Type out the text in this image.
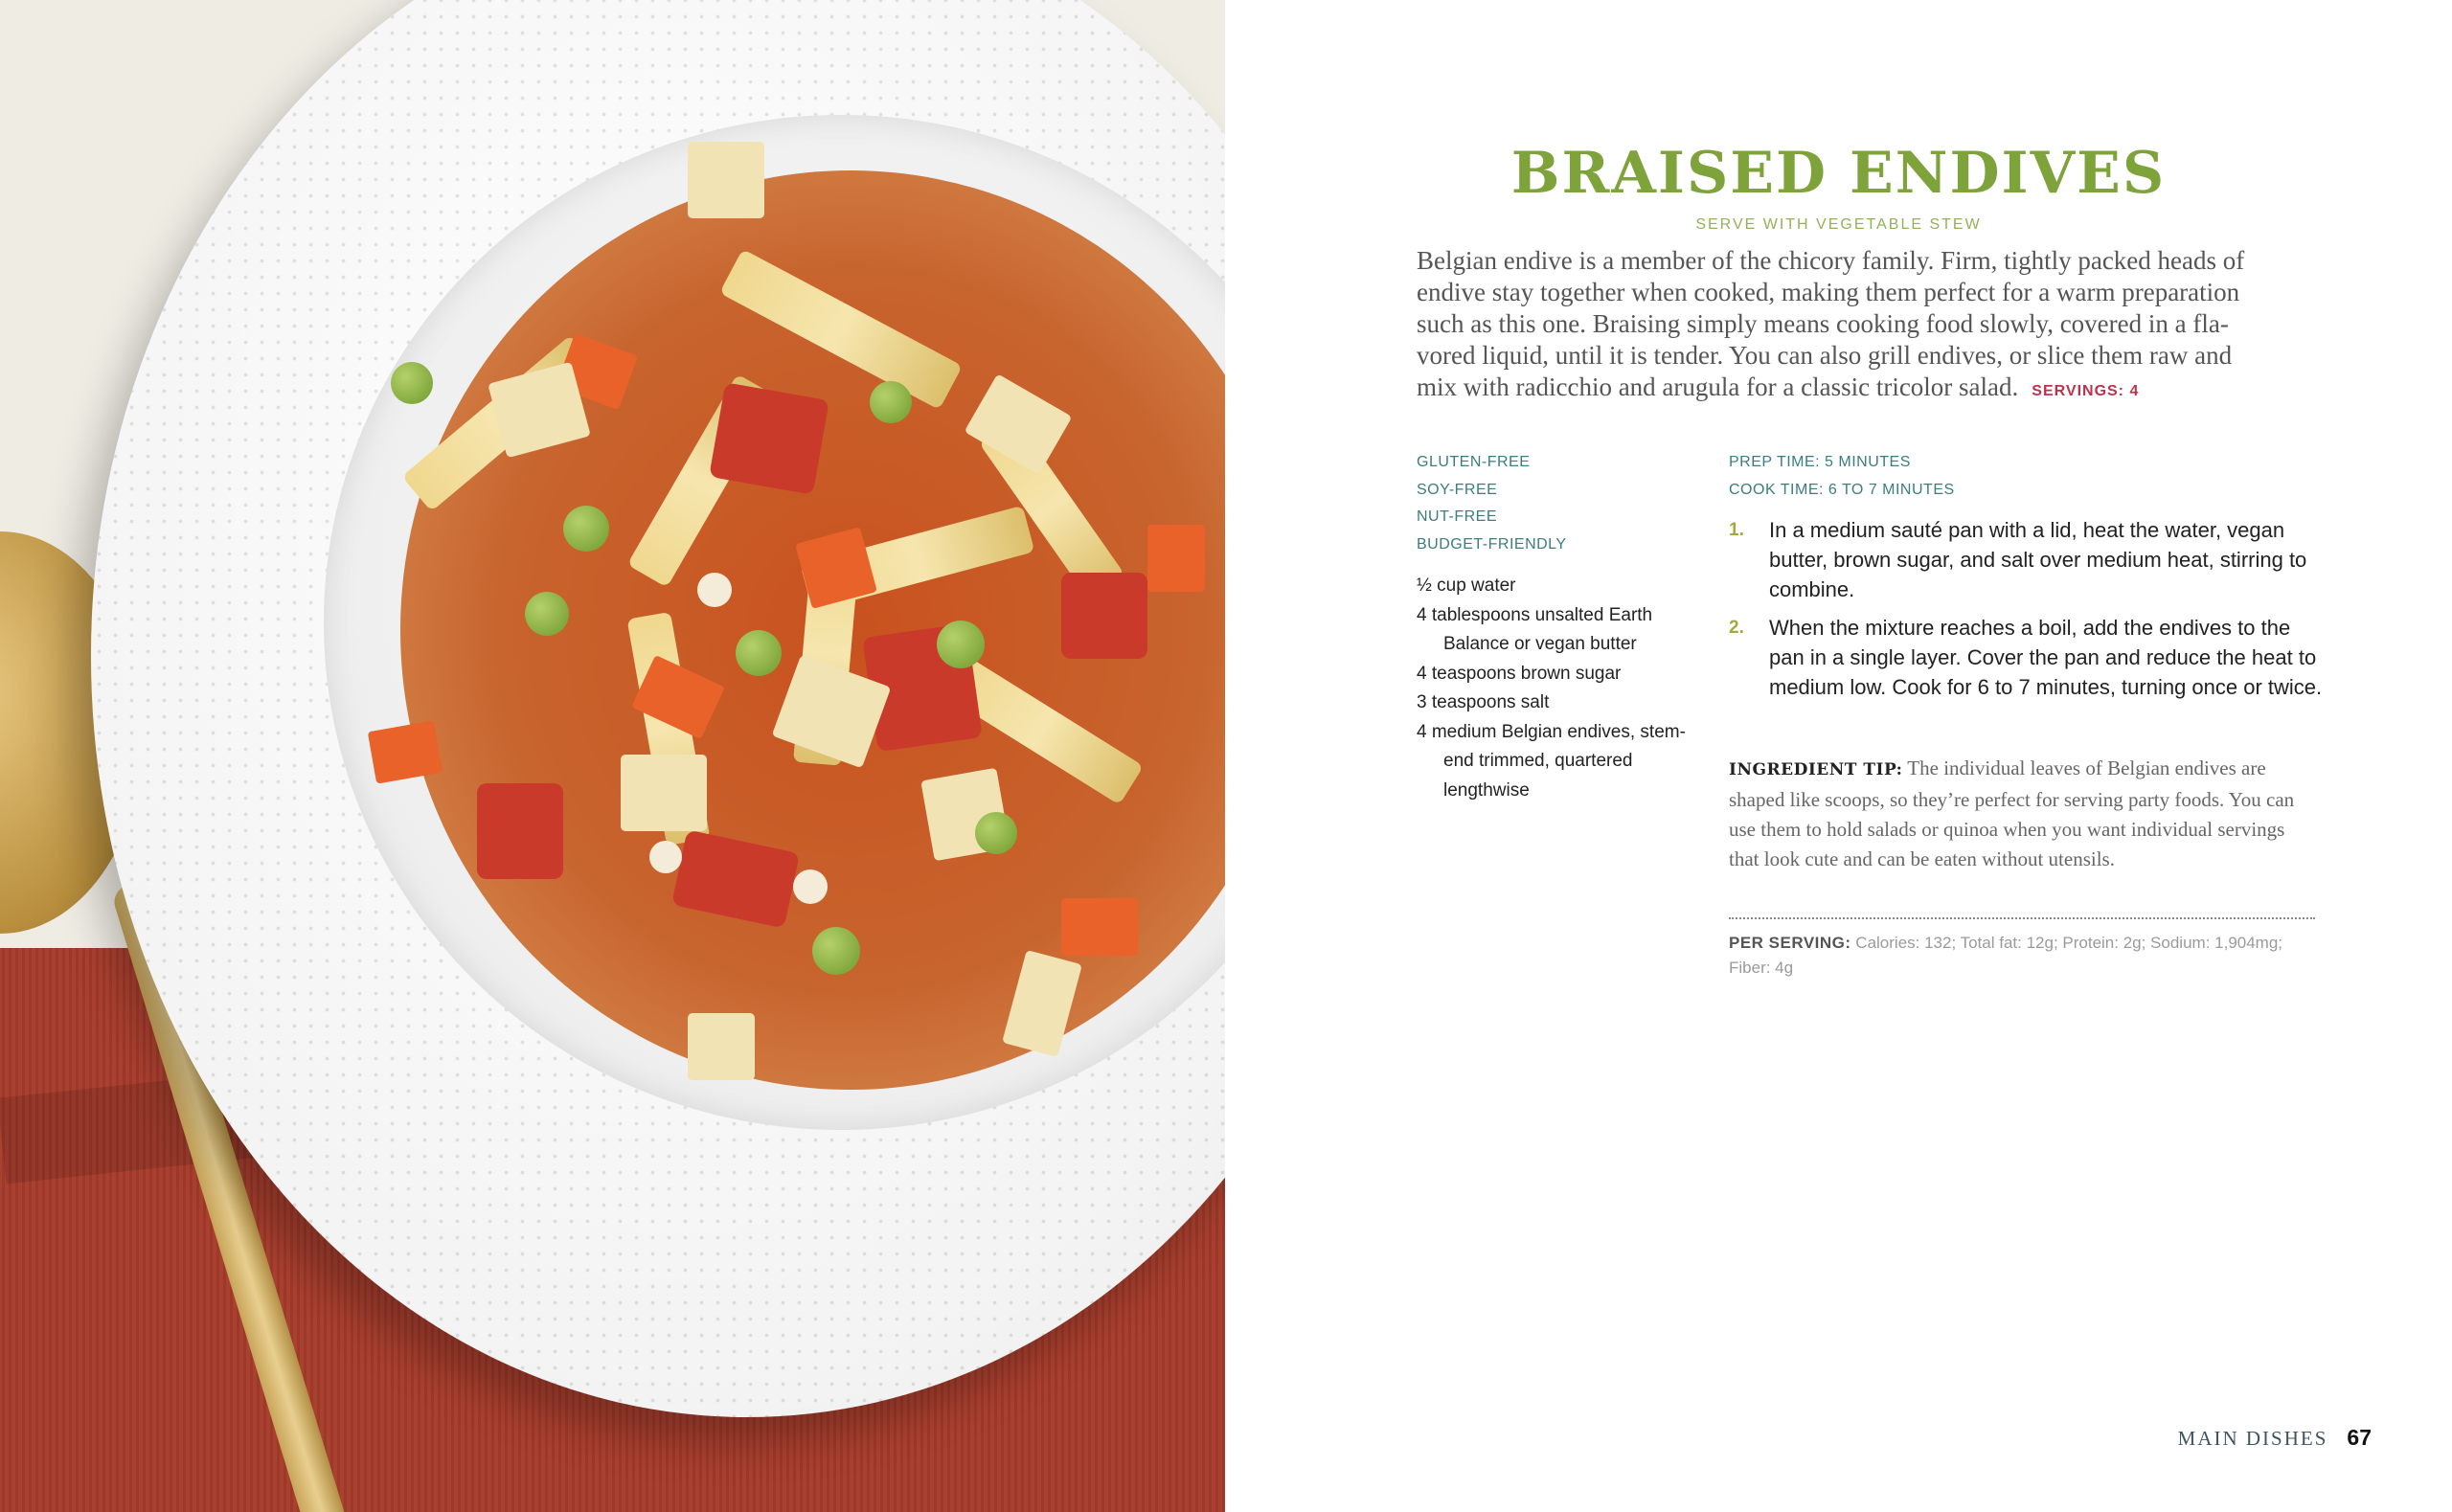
BRAISED ENDIVES
SERVE WITH VEGETABLE STEW

Belgian endive is a member of the chicory family. Firm, tightly packed heads of endive stay together when cooked, making them perfect for a warm preparation such as this one. Braising simply means cooking food slowly, covered in a fla-vored liquid, until it is tender. You can also grill endives, or slice them raw and mix with radicchio and arugula for a classic tricolor salad. SERVINGS: 4

GLUTEN-FREE
SOY-FREE
NUT-FREE
BUDGET-FRIENDLY
½ cup water
4 tablespoons unsalted Earth Balance or vegan butter
4 teaspoons brown sugar
3 teaspoons salt
4 medium Belgian endives, stem-end trimmed, quartered lengthwise
PREP TIME: 5 MINUTES
COOK TIME: 6 TO 7 MINUTES
1. In a medium sauté pan with a lid, heat the water, vegan butter, brown sugar, and salt over medium heat, stirring to combine.
2. When the mixture reaches a boil, add the endives to the pan in a single layer. Cover the pan and reduce the heat to medium low. Cook for 6 to 7 minutes, turning once or twice.

INGREDIENT TIP: The individual leaves of Belgian endives are shaped like scoops, so they’re perfect for serving party foods. You can use them to hold salads or quinoa when you want individual servings that look cute and can be eaten without utensils.

PER SERVING: Calories: 132; Total fat: 12g; Protein: 2g; Sodium: 1,904mg; Fiber: 4g

MAIN DISHES 67
